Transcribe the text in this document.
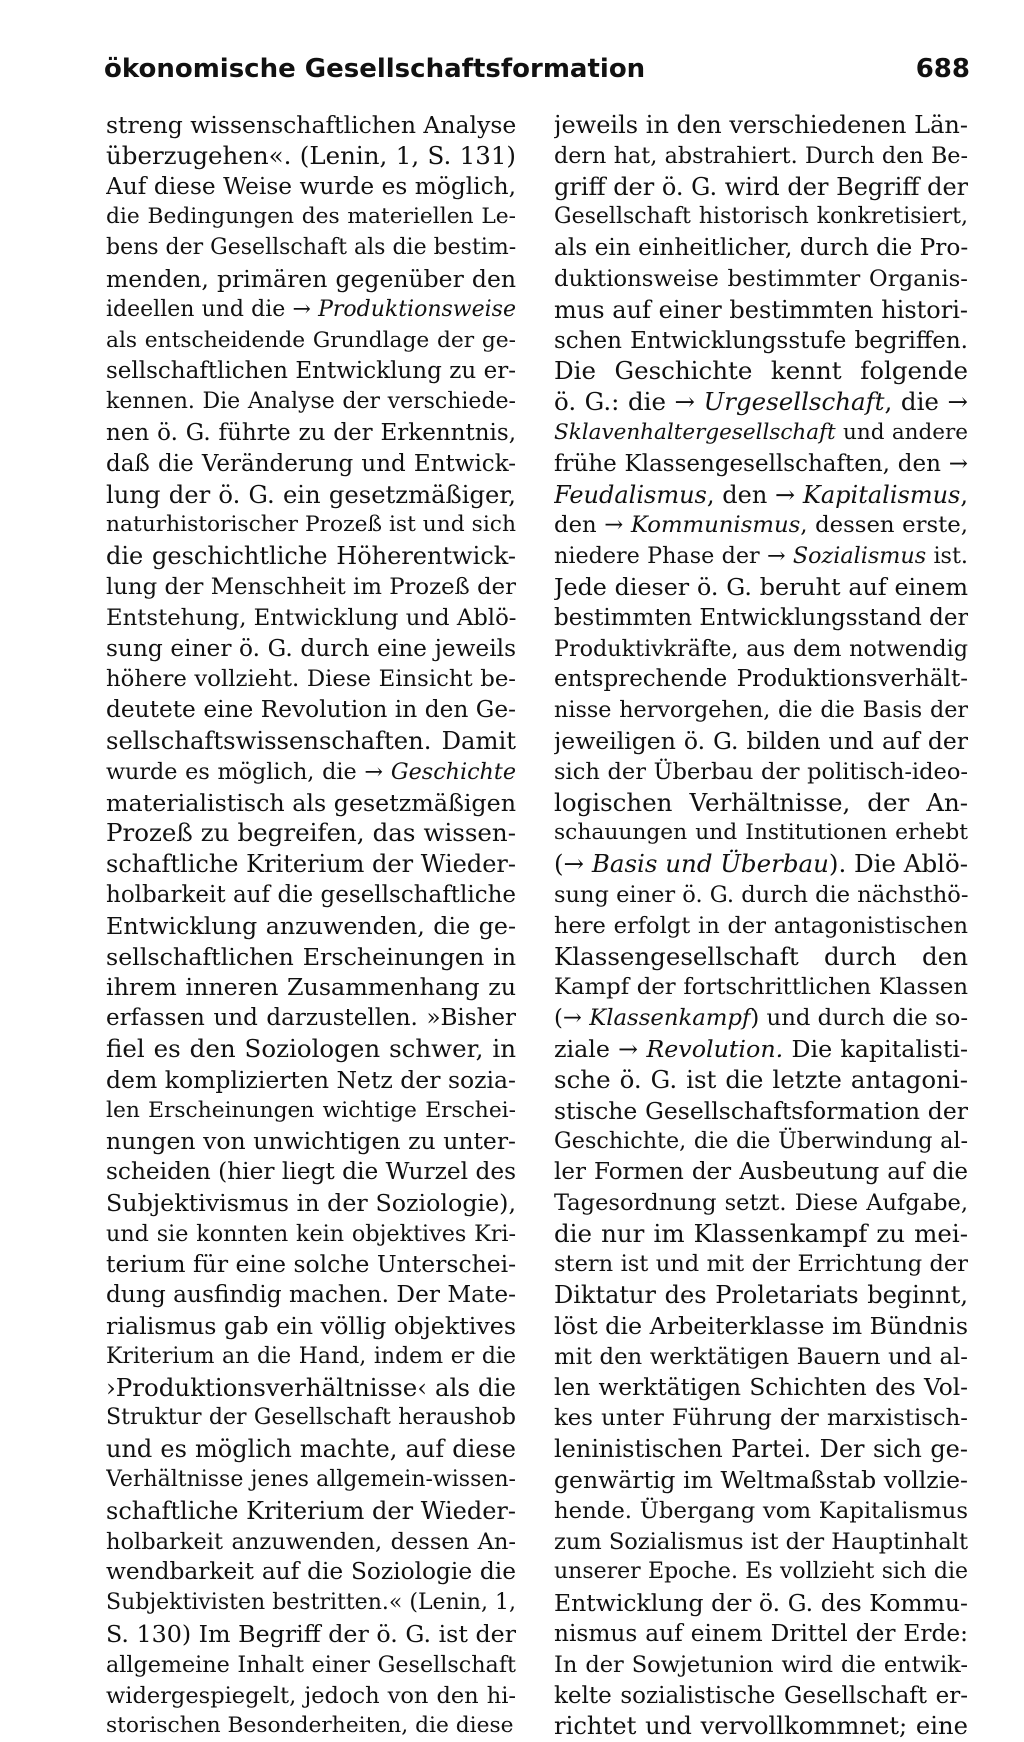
ökonomische Gesellschaftsformation	688
streng wissenschaftlichen Analyse
überzugehen«. (Lenin, 1, S. 131)
Auf diese Weise wurde es möglich,
die Bedingungen des materiellen Le-
bens der Gesellschaft als die bestim-
menden, primären gegenüber den
ideellen und die → Produktionsweise
als entscheidende Grundlage der ge-
sellschaftlichen Entwicklung zu er-
kennen. Die Analyse der verschiede-
nen ö. G. führte zu der Erkenntnis,
daß die Veränderung und Entwick-
lung der ö. G. ein gesetzmäßiger,
naturhistorischer Prozeß ist und sich
die geschichtliche Höherentwick-
lung der Menschheit im Prozeß der
Entstehung, Entwicklung und Ablö-
sung einer ö. G. durch eine jeweils
höhere vollzieht. Diese Einsicht be-
deutete eine Revolution in den Ge-
sellschaftswissenschaften. Damit
wurde es möglich, die → Geschichte
materialistisch als gesetzmäßigen
Prozeß zu begreifen, das wissen-
schaftliche Kriterium der Wieder-
holbarkeit auf die gesellschaftliche
Entwicklung anzuwenden, die ge-
sellschaftlichen Erscheinungen in
ihrem inneren Zusammenhang zu
erfassen und darzustellen. »Bisher
fiel es den Soziologen schwer, in
dem komplizierten Netz der sozia-
len Erscheinungen wichtige Erschei-
nungen von unwichtigen zu unter-
scheiden (hier liegt die Wurzel des
Subjektivismus in der Soziologie),
und sie konnten kein objektives Kri-
terium für eine solche Unterschei-
dung ausfindig machen. Der Mate-
rialismus gab ein völlig objektives
Kriterium an die Hand, indem er die
›Produktionsverhältnisse‹ als die
Struktur der Gesellschaft heraushob
und es möglich machte, auf diese
Verhältnisse jenes allgemein-wissen-
schaftliche Kriterium der Wieder-
holbarkeit anzuwenden, dessen An-
wendbarkeit auf die Soziologie die
Subjektivisten bestritten.« (Lenin, 1,
S. 130) Im Begriff der ö. G. ist der
allgemeine Inhalt einer Gesellschaft
widergespiegelt, jedoch von den hi-
storischen Besonderheiten, die diese
jeweils in den verschiedenen Län-
dern hat, abstrahiert. Durch den Be-
griff der ö. G. wird der Begriff der
Gesellschaft historisch konkretisiert,
als ein einheitlicher, durch die Pro-
duktionsweise bestimmter Organis-
mus auf einer bestimmten histori-
schen Entwicklungsstufe begriffen.
Die Geschichte kennt folgende
ö. G.: die → Urgesellschaft, die →
Sklavenhaltergesellschaft und andere
frühe Klassengesellschaften, den →
Feudalismus, den → Kapitalismus,
den → Kommunismus, dessen erste,
niedere Phase der → Sozialismus ist.
Jede dieser ö. G. beruht auf einem
bestimmten Entwicklungsstand der
Produktivkräfte, aus dem notwendig
entsprechende Produktionsverhält-
nisse hervorgehen, die die Basis der
jeweiligen ö. G. bilden und auf der
sich der Überbau der politisch-ideo-
logischen Verhältnisse, der An-
schauungen und Institutionen erhebt
(→ Basis und Überbau). Die Ablö-
sung einer ö. G. durch die nächsthö-
here erfolgt in der antagonistischen
Klassengesellschaft durch den
Kampf der fortschrittlichen Klassen
(→ Klassenkampf) und durch die so-
ziale → Revolution. Die kapitalisti-
sche ö. G. ist die letzte antagoni-
stische Gesellschaftsformation der
Geschichte, die die Überwindung al-
ler Formen der Ausbeutung auf die
Tagesordnung setzt. Diese Aufgabe,
die nur im Klassenkampf zu mei-
stern ist und mit der Errichtung der
Diktatur des Proletariats beginnt,
löst die Arbeiterklasse im Bündnis
mit den werktätigen Bauern und al-
len werktätigen Schichten des Vol-
kes unter Führung der marxistisch-
leninistischen Partei. Der sich ge-
genwärtig im Weltmaßstab vollzie-
hende. Übergang vom Kapitalismus
zum Sozialismus ist der Hauptinhalt
unserer Epoche. Es vollzieht sich die
Entwicklung der ö. G. des Kommu-
nismus auf einem Drittel der Erde:
In der Sowjetunion wird die entwik-
kelte sozialistische Gesellschaft er-
richtet und vervollkommnet; eine
